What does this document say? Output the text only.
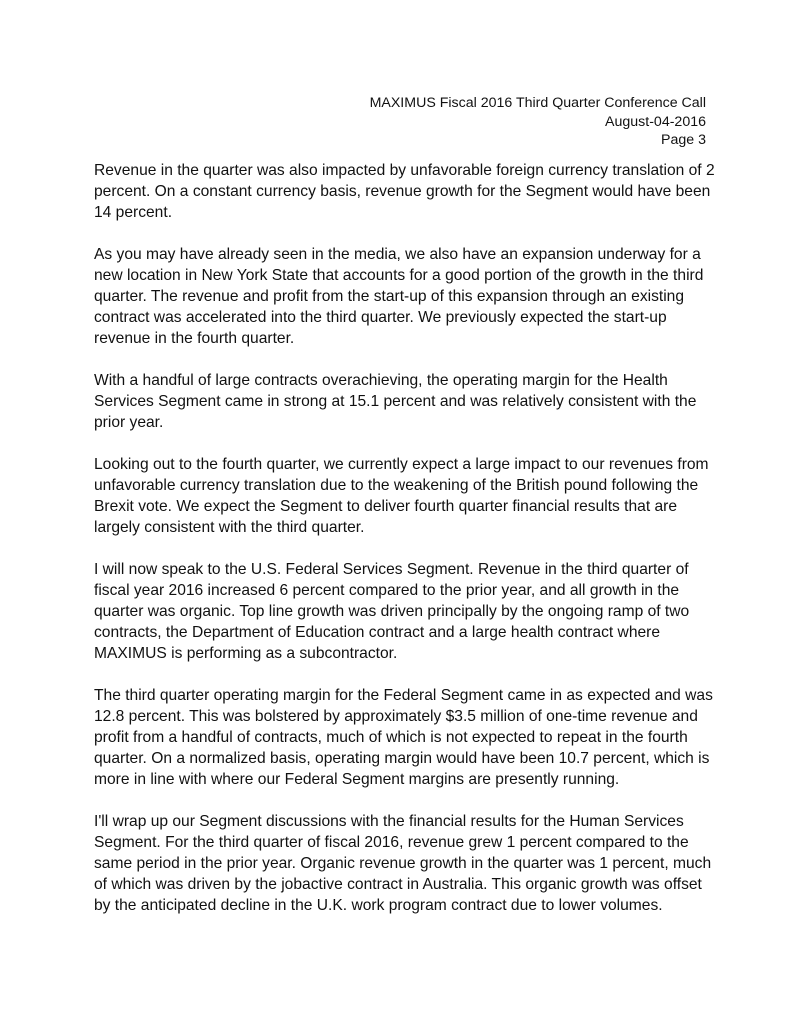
MAXIMUS Fiscal 2016 Third Quarter Conference Call
August-04-2016
Page 3

Revenue in the quarter was also impacted by unfavorable foreign currency translation of 2 percent. On a constant currency basis, revenue growth for the Segment would have been 14 percent.

As you may have already seen in the media, we also have an expansion underway for a new location in New York State that accounts for a good portion of the growth in the third quarter. The revenue and profit from the start-up of this expansion through an existing contract was accelerated into the third quarter. We previously expected the start-up revenue in the fourth quarter.

With a handful of large contracts overachieving, the operating margin for the Health Services Segment came in strong at 15.1 percent and was relatively consistent with the prior year.

Looking out to the fourth quarter, we currently expect a large impact to our revenues from unfavorable currency translation due to the weakening of the British pound following the Brexit vote. We expect the Segment to deliver fourth quarter financial results that are largely consistent with the third quarter.

I will now speak to the U.S. Federal Services Segment. Revenue in the third quarter of fiscal year 2016 increased 6 percent compared to the prior year, and all growth in the quarter was organic. Top line growth was driven principally by the ongoing ramp of two contracts, the Department of Education contract and a large health contract where MAXIMUS is performing as a subcontractor.

The third quarter operating margin for the Federal Segment came in as expected and was 12.8 percent. This was bolstered by approximately $3.5 million of one-time revenue and profit from a handful of contracts, much of which is not expected to repeat in the fourth quarter. On a normalized basis, operating margin would have been 10.7 percent, which is more in line with where our Federal Segment margins are presently running.

I'll wrap up our Segment discussions with the financial results for the Human Services Segment. For the third quarter of fiscal 2016, revenue grew 1 percent compared to the same period in the prior year. Organic revenue growth in the quarter was 1 percent, much of which was driven by the jobactive contract in Australia. This organic growth was offset by the anticipated decline in the U.K. work program contract due to lower volumes.
